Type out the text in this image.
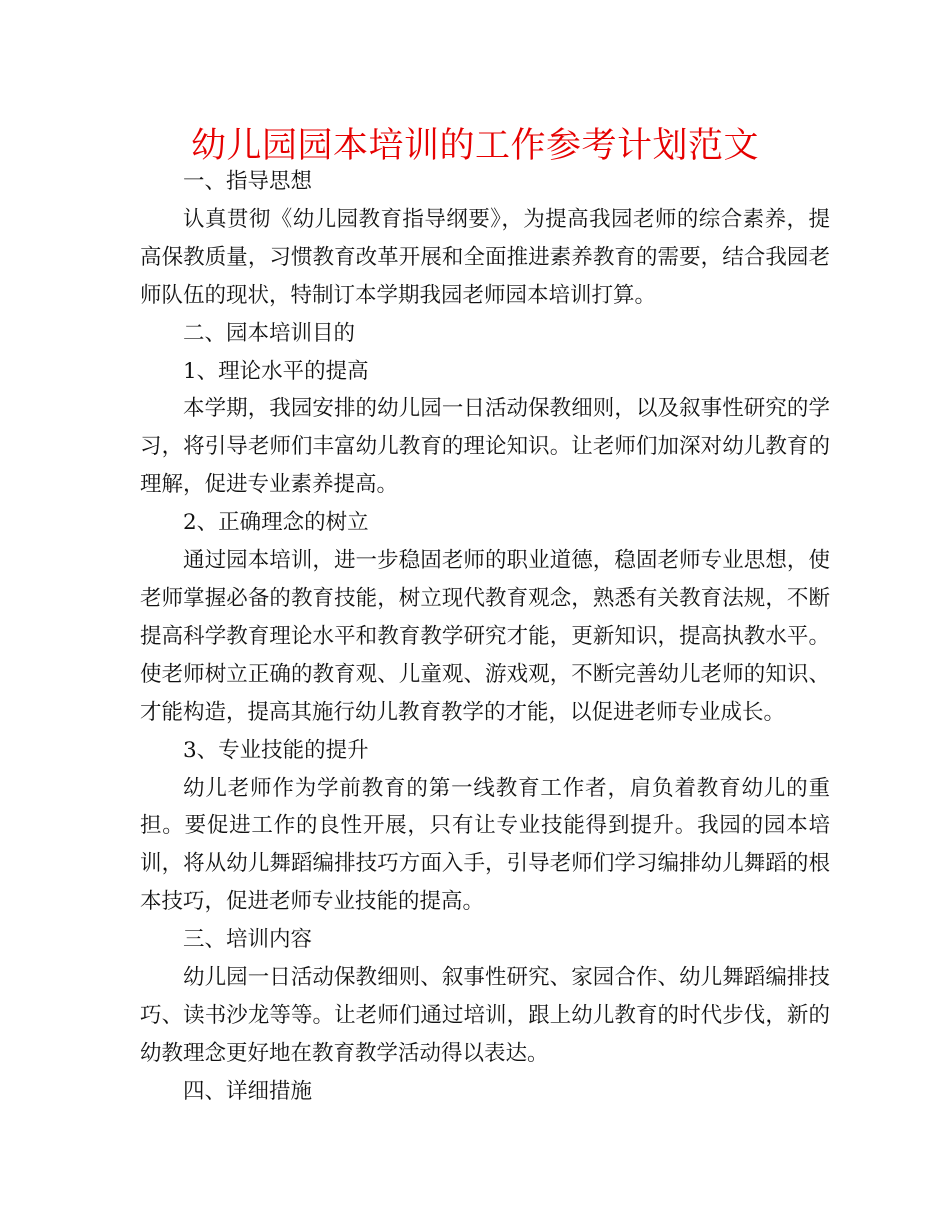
幼儿园园本培训的工作参考计划范文

一、指导思想

认真贯彻《幼儿园教育指导纲要》，为提高我园老师的综合素养，提高保教质量，习惯教育改革开展和全面推进素养教育的需要，结合我园老师队伍的现状，特制订本学期我园老师园本培训打算。

二、园本培训目的

1、理论水平的提高

本学期，我园安排的幼儿园一日活动保教细则，以及叙事性研究的学习，将引导老师们丰富幼儿教育的理论知识。让老师们加深对幼儿教育的理解，促进专业素养提高。

2、正确理念的树立

通过园本培训，进一步稳固老师的职业道德，稳固老师专业思想，使老师掌握必备的教育技能，树立现代教育观念，熟悉有关教育法规，不断提高科学教育理论水平和教育教学研究才能，更新知识，提高执教水平。使老师树立正确的教育观、儿童观、游戏观，不断完善幼儿老师的知识、才能构造，提高其施行幼儿教育教学的才能，以促进老师专业成长。

3、专业技能的提升

幼儿老师作为学前教育的第一线教育工作者，肩负着教育幼儿的重担。要促进工作的良性开展，只有让专业技能得到提升。我园的园本培训，将从幼儿舞蹈编排技巧方面入手，引导老师们学习编排幼儿舞蹈的根本技巧，促进老师专业技能的提高。

三、培训内容

幼儿园一日活动保教细则、叙事性研究、家园合作、幼儿舞蹈编排技巧、读书沙龙等等。让老师们通过培训，跟上幼儿教育的时代步伐，新的幼教理念更好地在教育教学活动得以表达。

四、详细措施
